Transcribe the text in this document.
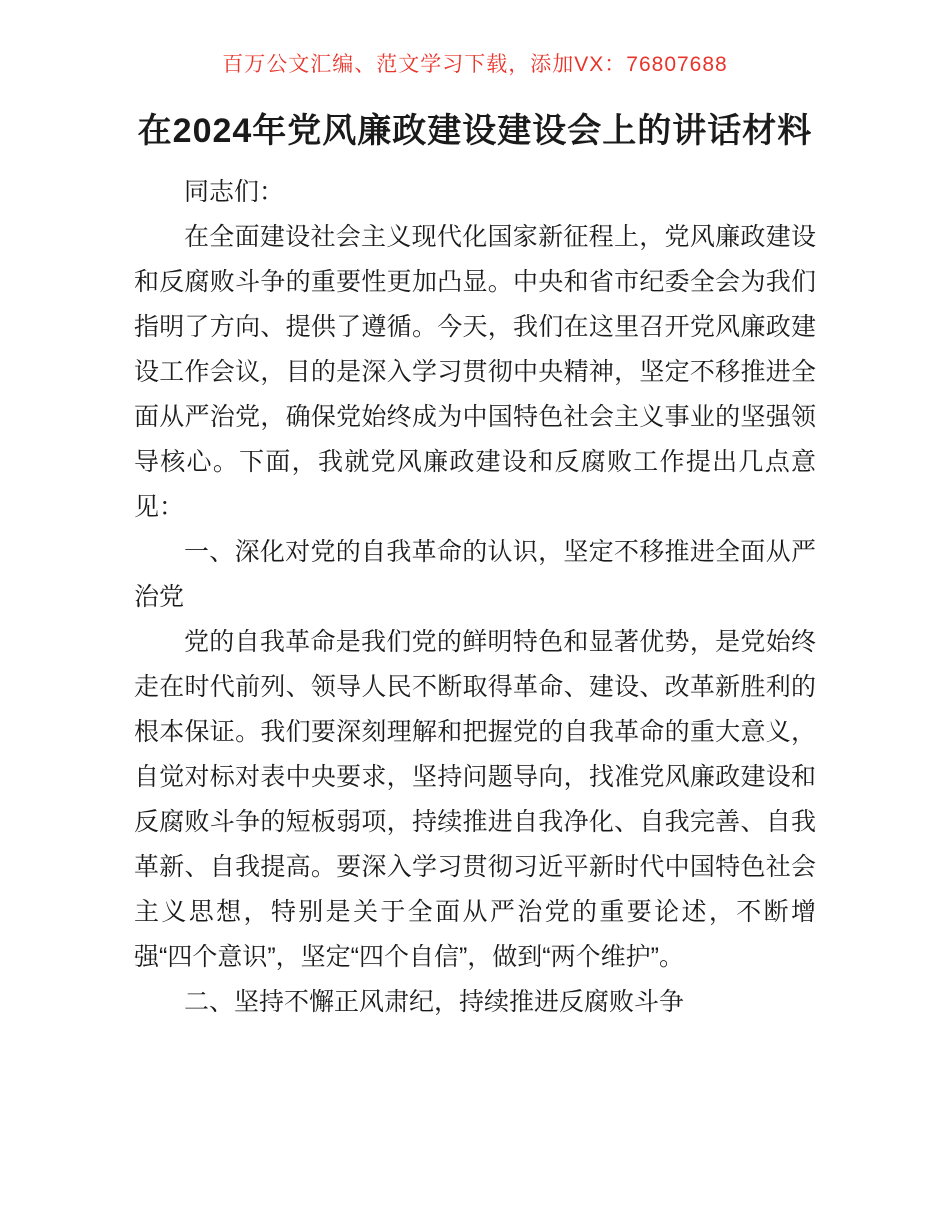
百万公文汇编、范文学习下载，添加VX：76807688
在2024年党风廉政建设建设会上的讲话材料

同志们：

在全面建设社会主义现代化国家新征程上，党风廉政建设和反腐败斗争的重要性更加凸显。中央和省市纪委全会为我们指明了方向、提供了遵循。今天，我们在这里召开党风廉政建设工作会议，目的是深入学习贯彻中央精神，坚定不移推进全面从严治党，确保党始终成为中国特色社会主义事业的坚强领导核心。下面，我就党风廉政建设和反腐败工作提出几点意见：

一、深化对党的自我革命的认识，坚定不移推进全面从严治党

党的自我革命是我们党的鲜明特色和显著优势，是党始终走在时代前列、领导人民不断取得革命、建设、改革新胜利的根本保证。我们要深刻理解和把握党的自我革命的重大意义，自觉对标对表中央要求，坚持问题导向，找准党风廉政建设和反腐败斗争的短板弱项，持续推进自我净化、自我完善、自我革新、自我提高。要深入学习贯彻习近平新时代中国特色社会主义思想，特别是关于全面从严治党的重要论述，不断增强“四个意识”，坚定“四个自信”，做到“两个维护”。

二、坚持不懈正风肃纪，持续推进反腐败斗争
